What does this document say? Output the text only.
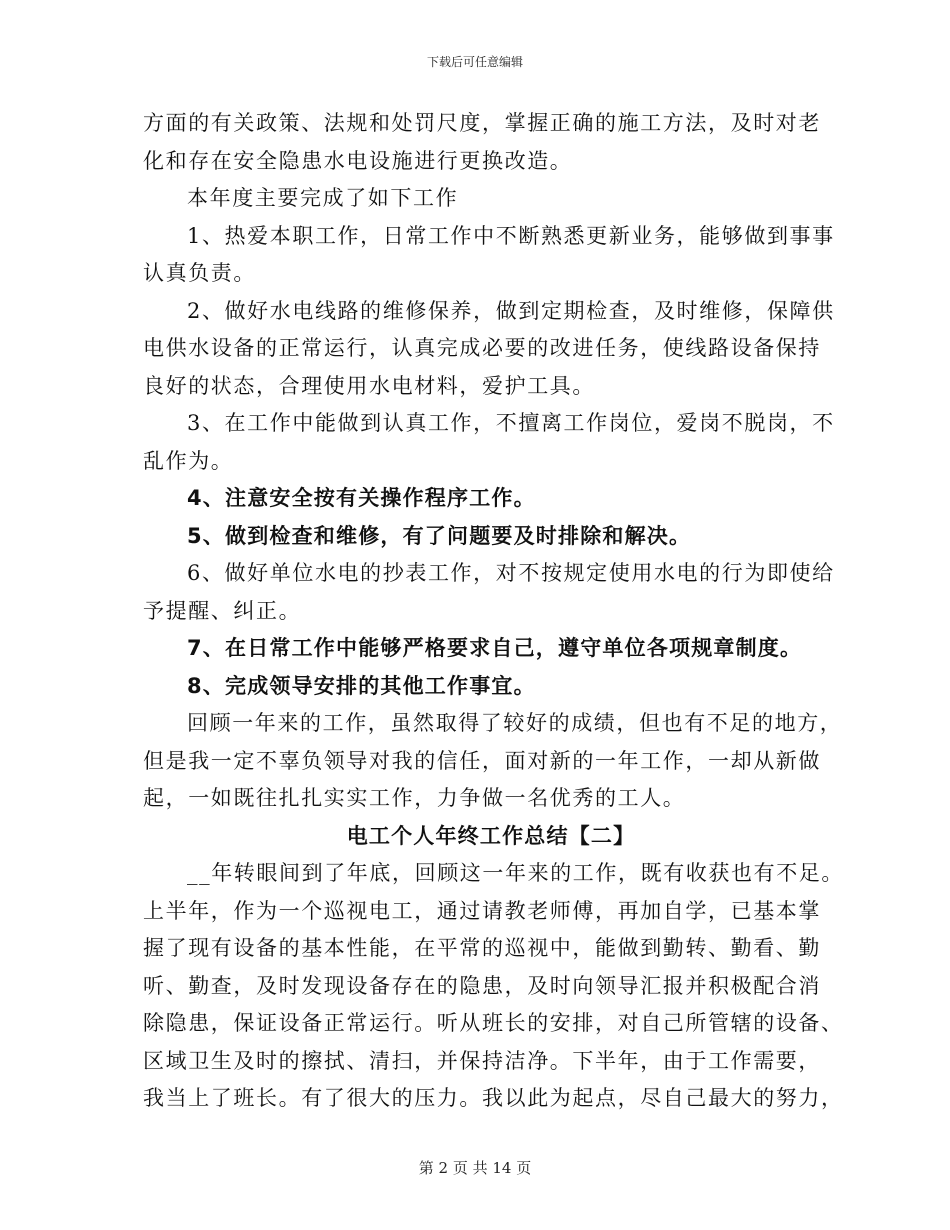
下载后可任意编辑
方面的有关政策、法规和处罚尺度，掌握正确的施工方法，及时对老
化和存在安全隐患水电设施进行更换改造。
本年度主要完成了如下工作
1、热爱本职工作，日常工作中不断熟悉更新业务，能够做到事事
认真负责。
2、做好水电线路的维修保养，做到定期检查，及时维修，保障供
电供水设备的正常运行，认真完成必要的改进任务，使线路设备保持
良好的状态，合理使用水电材料，爱护工具。
3、在工作中能做到认真工作，不擅离工作岗位，爱岗不脱岗，不
乱作为。
4、注意安全按有关操作程序工作。
5、做到检查和维修，有了问题要及时排除和解决。
6、做好单位水电的抄表工作，对不按规定使用水电的行为即使给
予提醒、纠正。
7、在日常工作中能够严格要求自己，遵守单位各项规章制度。
8、完成领导安排的其他工作事宜。
回顾一年来的工作，虽然取得了较好的成绩，但也有不足的地方，
但是我一定不辜负领导对我的信任，面对新的一年工作，一却从新做
起，一如既往扎扎实实工作，力争做一名优秀的工人。
电工个人年终工作总结【二】
__年转眼间到了年底，回顾这一年来的工作，既有收获也有不足。
上半年，作为一个巡视电工，通过请教老师傅，再加自学，已基本掌
握了现有设备的基本性能，在平常的巡视中，能做到勤转、勤看、勤
听、勤查，及时发现设备存在的隐患，及时向领导汇报并积极配合消
除隐患，保证设备正常运行。听从班长的安排，对自己所管辖的设备、
区域卫生及时的擦拭、清扫，并保持洁净。下半年，由于工作需要，
我当上了班长。有了很大的压力。我以此为起点，尽自己最大的努力，
第 2 页 共 14 页
